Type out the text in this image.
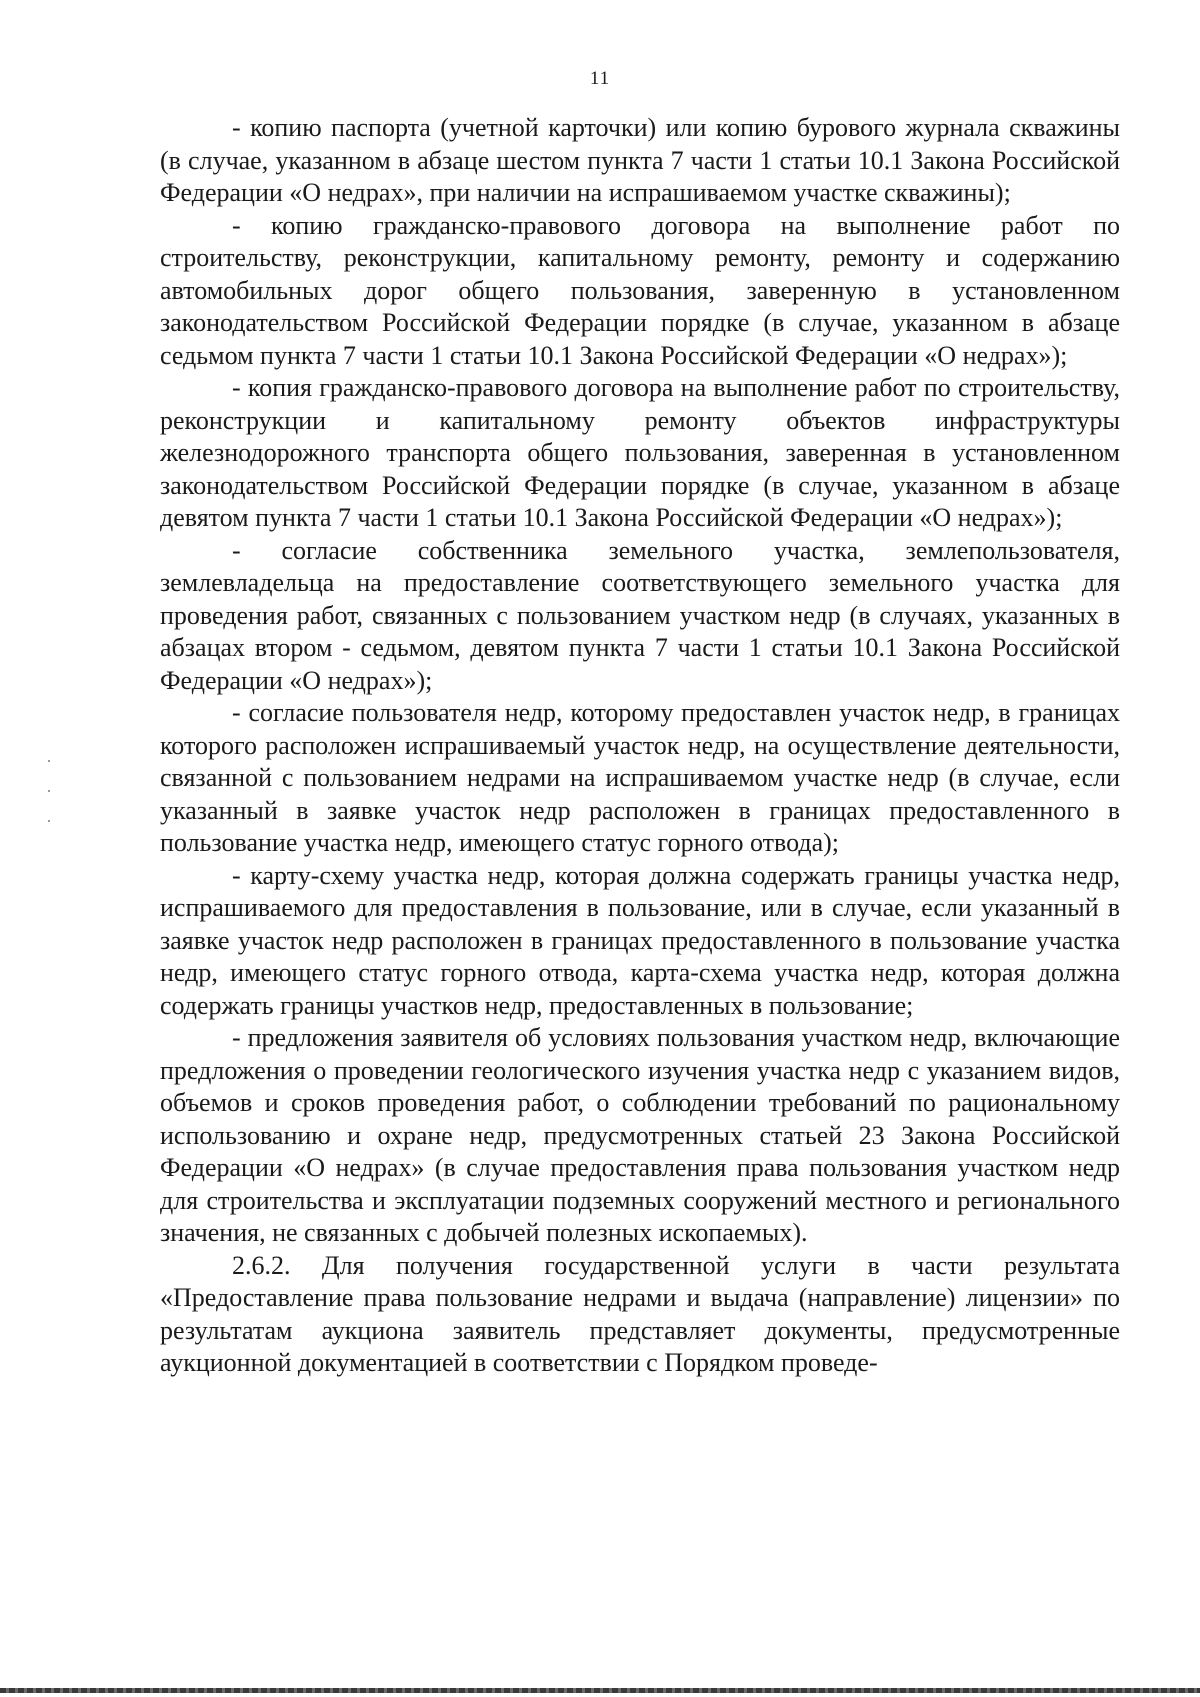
11

- копию паспорта (учетной карточки) или копию бурового журнала скважины (в случае, указанном в абзаце шестом пункта 7 части 1 статьи 10.1 Закона Российской Федерации «О недрах», при наличии на испрашиваемом участке скважины);

- копию гражданско-правового договора на выполнение работ по строительству, реконструкции, капитальному ремонту, ремонту и содержанию автомобильных дорог общего пользования, заверенную в установленном законодательством Российской Федерации порядке (в случае, указанном в абзаце седьмом пункта 7 части 1 статьи 10.1 Закона Российской Федерации «О недрах»);

- копия гражданско-правового договора на выполнение работ по строительству, реконструкции и капитальному ремонту объектов инфраструктуры железнодорожного транспорта общего пользования, заверенная в установленном законодательством Российской Федерации порядке (в случае, указанном в абзаце девятом пункта 7 части 1 статьи 10.1 Закона Российской Федерации «О недрах»);

- согласие собственника земельного участка, землепользователя, землевладельца на предоставление соответствующего земельного участка для проведения работ, связанных с пользованием участком недр (в случаях, указанных в абзацах втором - седьмом, девятом пункта 7 части 1 статьи 10.1 Закона Российской Федерации «О недрах»);

- согласие пользователя недр, которому предоставлен участок недр, в границах которого расположен испрашиваемый участок недр, на осуществление деятельности, связанной с пользованием недрами на испрашиваемом участке недр (в случае, если указанный в заявке участок недр расположен в границах предоставленного в пользование участка недр, имеющего статус горного отвода);

- карту-схему участка недр, которая должна содержать границы участка недр, испрашиваемого для предоставления в пользование, или в случае, если указанный в заявке участок недр расположен в границах предоставленного в пользование участка недр, имеющего статус горного отвода, карта-схема участка недр, которая должна содержать границы участков недр, предоставленных в пользование;

- предложения заявителя об условиях пользования участком недр, включающие предложения о проведении геологического изучения участка недр с указанием видов, объемов и сроков проведения работ, о соблюдении требований по рациональному использованию и охране недр, предусмотренных статьей 23 Закона Российской Федерации «О недрах» (в случае предоставления права пользования участком недр для строительства и эксплуатации подземных сооружений местного и регионального значения, не связанных с добычей полезных ископаемых).

2.6.2. Для получения государственной услуги в части результата «Предоставление права пользование недрами и выдача (направление) лицензии» по результатам аукциона заявитель представляет документы, предусмотренные аукционной документацией в соответствии с Порядком проведе-
